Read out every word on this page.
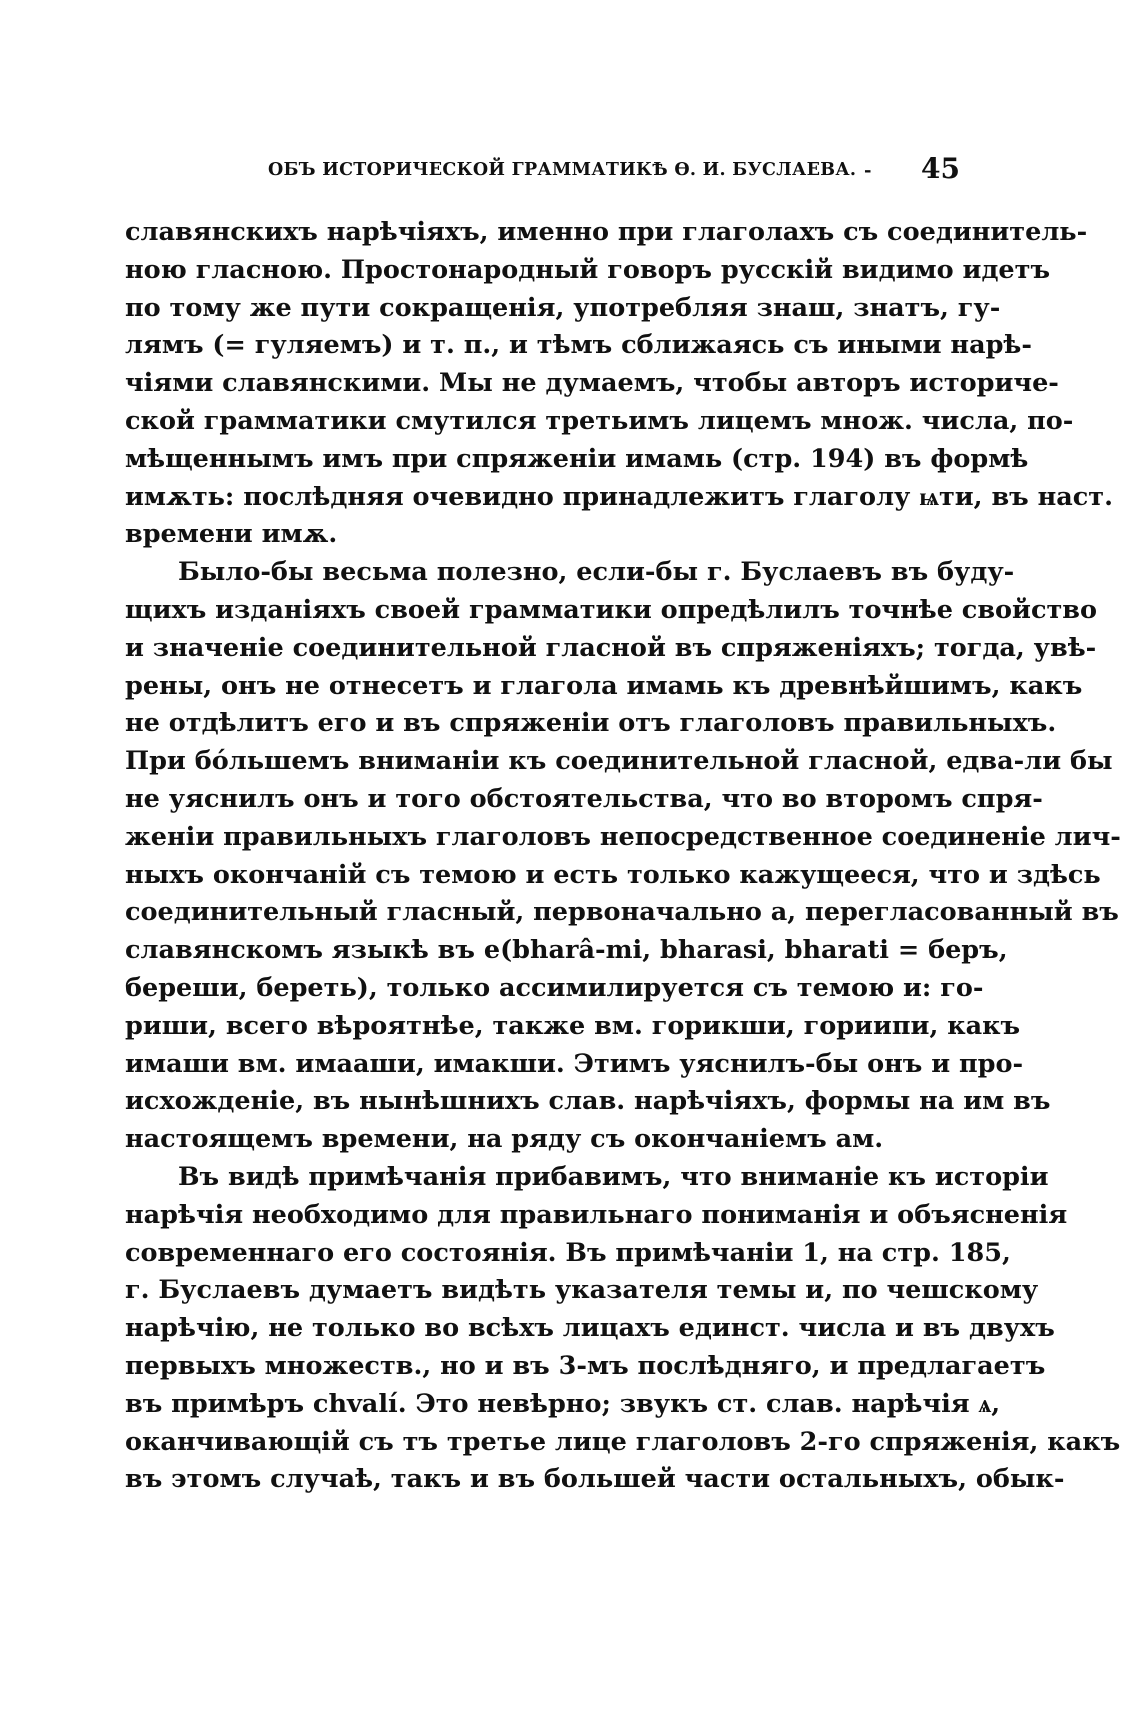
ОБЪ ИСТОРИЧЕСКОЙ ГРАММАТИКѢ Ѳ. И. БУСЛАЕВА. - 45

славянскихъ нарѣчіяхъ, именно при глаголахъ съ соединитель-
ною гласною. Простонародный говоръ русскій видимо идетъ
по тому же пути сокращенія, употребляя знаш, знатъ, гу-
лямъ (= гуляемъ) и т. п., и тѣмъ сближаясь съ иными нарѣ-
чіями славянскими. Мы не думаемъ, чтобы авторъ историче-
ской грамматики смутился третьимъ лицемъ множ. числа, по-
мѣщеннымъ имъ при спряженіи имамь (стр. 194) въ формѣ
имѫть: послѣдняя очевидно принадлежитъ глаголу ѩти, въ наст.
времени имѫ.

Было-бы весьма полезно, если-бы г. Буслаевъ въ буду-
щихъ изданіяхъ своей грамматики опредѣлилъ точнѣе свойство
и значеніе соединительной гласной въ спряженіяхъ; тогда, увѣ-
рены, онъ не отнесетъ и глагола имамь къ древнѣйшимъ, какъ
не отдѣлитъ его и въ спряженіи отъ глаголовъ правильныхъ.
При бóльшемъ вниманіи къ соединительной гласной, едва-ли бы
не уяснилъ онъ и того обстоятельства, что во второмъ спря-
женіи правильныхъ глаголовъ непосредственное соединеніе лич-
ныхъ окончаній съ темою и есть только кажущееся, что и здѣсь
соединительный гласный, первоначально а, перегласованный въ
славянскомъ языкѣ въ е(bharâ-mi, bharasi, bharati = беръ,
береши, береть), только ассимилируется съ темою и: го-
риши, всего вѣроятнѣе, также вм. горикши, гориипи, какъ
имаши вм. имааши, имакши. Этимъ уяснилъ-бы онъ и про-
исхожденіе, въ нынѣшнихъ слав. нарѣчіяхъ, формы на им въ
настоящемъ времени, на ряду съ окончаніемъ ам.

Въ видѣ примѣчанія прибавимъ, что вниманіе къ исторіи
нарѣчія необходимо для правильнаго пониманія и объясненія
современнаго его состоянія. Въ примѣчаніи 1, на стр. 185,
г. Буслаевъ думаетъ видѣть указателя темы и, по чешскому
нарѣчію, не только во всѣхъ лицахъ единст. числа и въ двухъ
первыхъ множеств., но и въ 3-мъ послѣдняго, и предлагаетъ
въ примѣръ chvalí. Это невѣрно; звукъ ст. слав. нарѣчія ѧ,
оканчивающій съ тъ третье лице глаголовъ 2-го спряженія, какъ
въ этомъ случаѣ, такъ и въ большей части остальныхъ, обык-
